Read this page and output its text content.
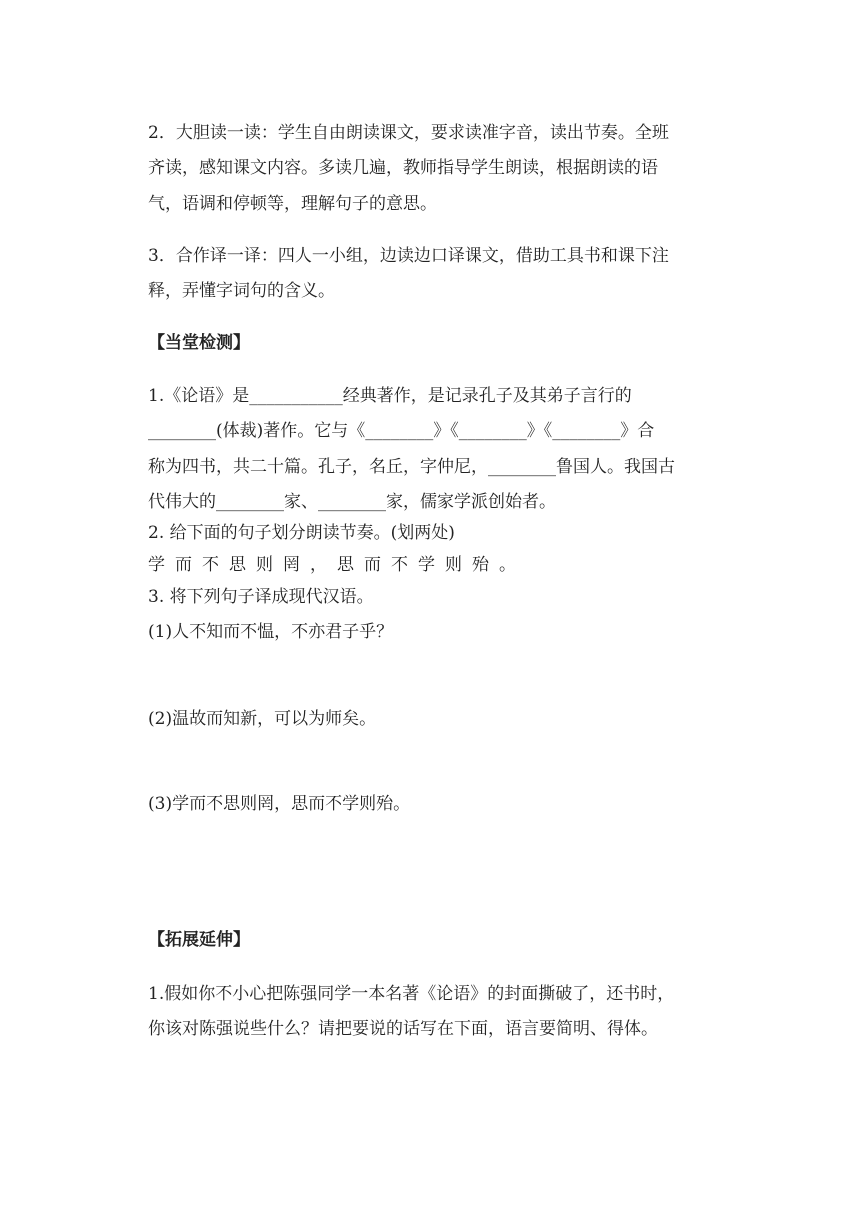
2．大胆读一读：学生自由朗读课文，要求读准字音，读出节奏。全班
齐读，感知课文内容。多读几遍，教师指导学生朗读，根据朗读的语
气，语调和停顿等，理解句子的意思。
3．合作译一译：四人一小组，边读边口译课文，借助工具书和课下注
释，弄懂字词句的含义。
【当堂检测】
1.《论语》是___________经典著作，是记录孔子及其弟子言行的
________(体裁)著作。它与《________》《________》《________》合
称为四书，共二十篇。孔子，名丘，字仲尼，________鲁国人。我国古
代伟大的________家、________家，儒家学派创始者。
2. 给下面的句子划分朗读节奏。(划两处)
学而不思则罔，思而不学则殆。
3. 将下列句子译成现代汉语。
(1)人不知而不愠，不亦君子乎？
(2)温故而知新，可以为师矣。
(3)学而不思则罔，思而不学则殆。
【拓展延伸】
1.假如你不小心把陈强同学一本名著《论语》的封面撕破了，还书时，
你该对陈强说些什么？请把要说的话写在下面，语言要简明、得体。
